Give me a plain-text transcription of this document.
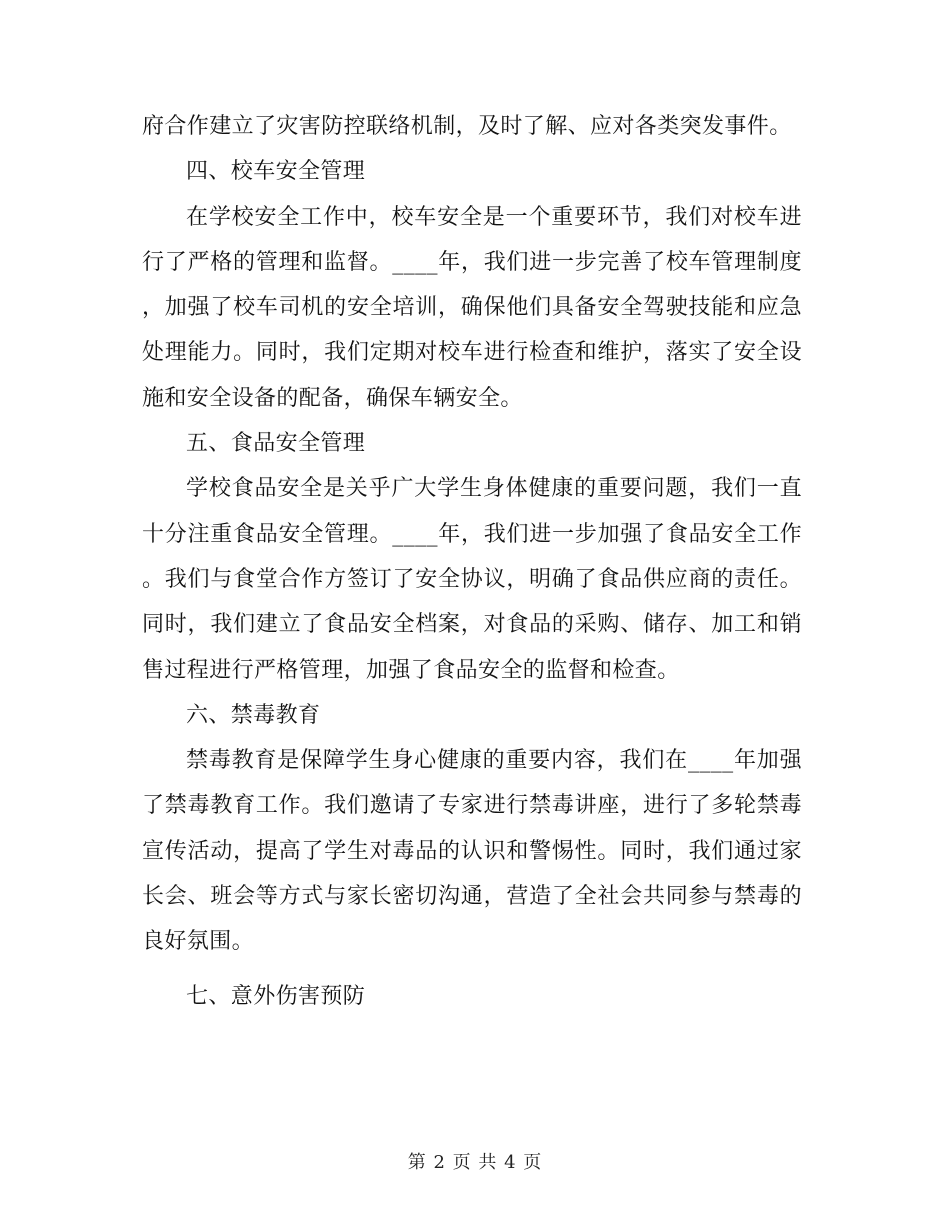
府合作建立了灾害防控联络机制，及时了解、应对各类突发事件。

四、校车安全管理

在学校安全工作中，校车安全是一个重要环节，我们对校车进行了严格的管理和监督。____年，我们进一步完善了校车管理制度，加强了校车司机的安全培训，确保他们具备安全驾驶技能和应急处理能力。同时，我们定期对校车进行检查和维护，落实了安全设施和安全设备的配备，确保车辆安全。

五、食品安全管理

学校食品安全是关乎广大学生身体健康的重要问题，我们一直十分注重食品安全管理。____年，我们进一步加强了食品安全工作。我们与食堂合作方签订了安全协议，明确了食品供应商的责任。同时，我们建立了食品安全档案，对食品的采购、储存、加工和销售过程进行严格管理，加强了食品安全的监督和检查。

六、禁毒教育

禁毒教育是保障学生身心健康的重要内容，我们在____年加强了禁毒教育工作。我们邀请了专家进行禁毒讲座，进行了多轮禁毒宣传活动，提高了学生对毒品的认识和警惕性。同时，我们通过家长会、班会等方式与家长密切沟通，营造了全社会共同参与禁毒的良好氛围。

七、意外伤害预防

第 2 页 共 4 页
